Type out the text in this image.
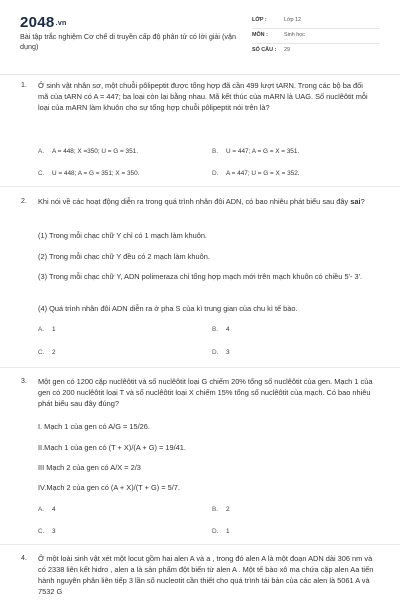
2048.vn
Bài tập trắc nghiệm Cơ chế di truyền cấp độ phân tử có lời giải (vận dụng)
LỚP :	Lớp 12
MÔN :	Sinh học
SỐ CÂU : 29
1. Ở sinh vật nhân sơ, một chuỗi pôlipeptit được tổng hợp đã cần 499 lượt tARN. Trong các bộ ba đối mã của tARN có A = 447; ba loại còn lại bằng nhau. Mã kết thúc của mARN là UAG. Số nuclêôtit mỗi loại của mARN làm khuôn cho sự tổng hợp chuỗi pôlipeptit nói trên là?
A. A = 448; X =350; U = G = 351.	B. U = 447; A = G = X = 351.
C. U = 448; A = G = 351; X = 350.	D. A = 447; U = G = X = 352.
2. Khi nói về các hoạt động diễn ra trong quá trình nhân đôi ADN, có bao nhiêu phát biểu sau đây sai?
(1) Trong mỗi chạc chữ Y chỉ có 1 mạch làm khuôn.
(2) Trong mỗi chạc chữ Y đều có 2 mạch làm khuôn.
(3) Trong mỗi chạc chữ Y, ADN polimeraza chỉ tổng hợp mạch mới trên mạch khuôn có chiều 5'- 3'.
(4) Quá trình nhân đôi ADN diễn ra ở pha S của kì trung gian của chu kì tế bào.
A. 1	B. 4
C. 2	D. 3
3. Một gen có 1200 cặp nuclêôtit và số nuclêôtit loại G chiếm 20% tổng số nuclêôtit của gen. Mạch 1 của gen có 200 nuclêôtit loại T và số nuclêôtit loại X chiếm 15% tổng số nuclêôtit của mạch. Có bao nhiêu phát biểu sau đây đúng?
I. Mạch 1 của gen có A/G = 15/26.
II.Mạch 1 của gen có (T + X)/(A + G) = 19/41.
III Mạch 2 của gen có A/X = 2/3
IV.Mạch 2 của gen có (A + X)/(T + G) = 5/7.
A. 4	B. 2
C. 3	D. 1
4. Ở một loài sinh vật xét một locut gồm hai alen A và a , trong đó alen A là một đoạn ADN dài 306 nm và có 2338 liên kết hidro , alen a là sản phẩm đột biến từ alen A . Một tế bào xô ma chứa cặp alen Aa tiến hành nguyên phân liên tiếp 3 lần số nucleotit cần thiết cho quá trình tái bản của các alen là 5061 A và 7532 G
